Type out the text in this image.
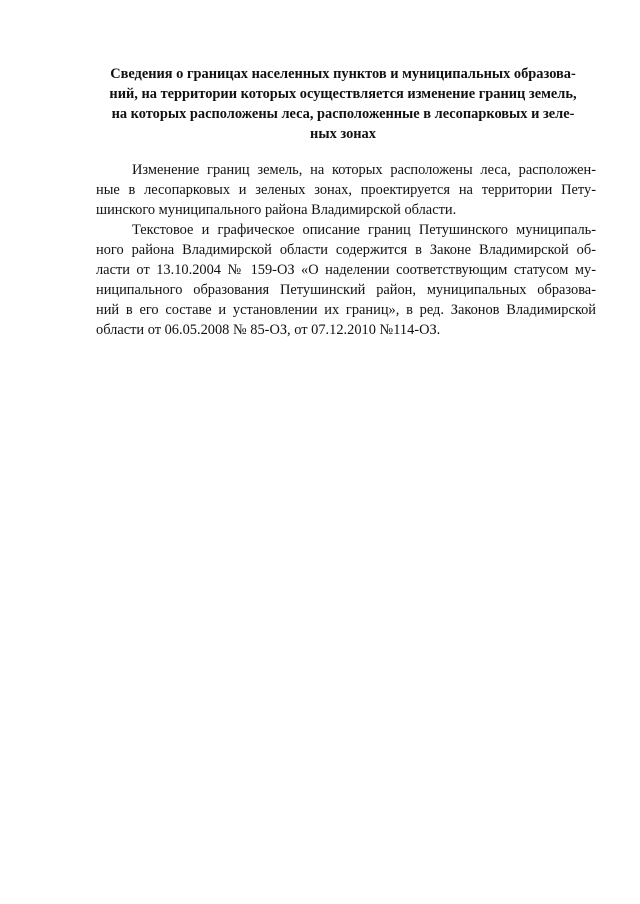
Сведения о границах населенных пунктов и муниципальных образова-
ний, на территории которых осуществляется изменение границ земель,
на которых расположены леса, расположенные в лесопарковых и зеле-
ных зонах

Изменение границ земель, на которых расположены леса, расположен-
ные в лесопарковых и зеленых зонах, проектируется на территории Пету-
шинского муниципального района Владимирской области.

Текстовое и графическое описание границ Петушинского муниципаль-
ного района Владимирской области содержится в Законе Владимирской об-
ласти от 13.10.2004 № 159-ОЗ «О наделении соответствующим статусом му-
ниципального образования Петушинский район, муниципальных образова-
ний в его составе и установлении их границ», в ред. Законов Владимирской
области от 06.05.2008 № 85-ОЗ, от 07.12.2010 №114-ОЗ.
